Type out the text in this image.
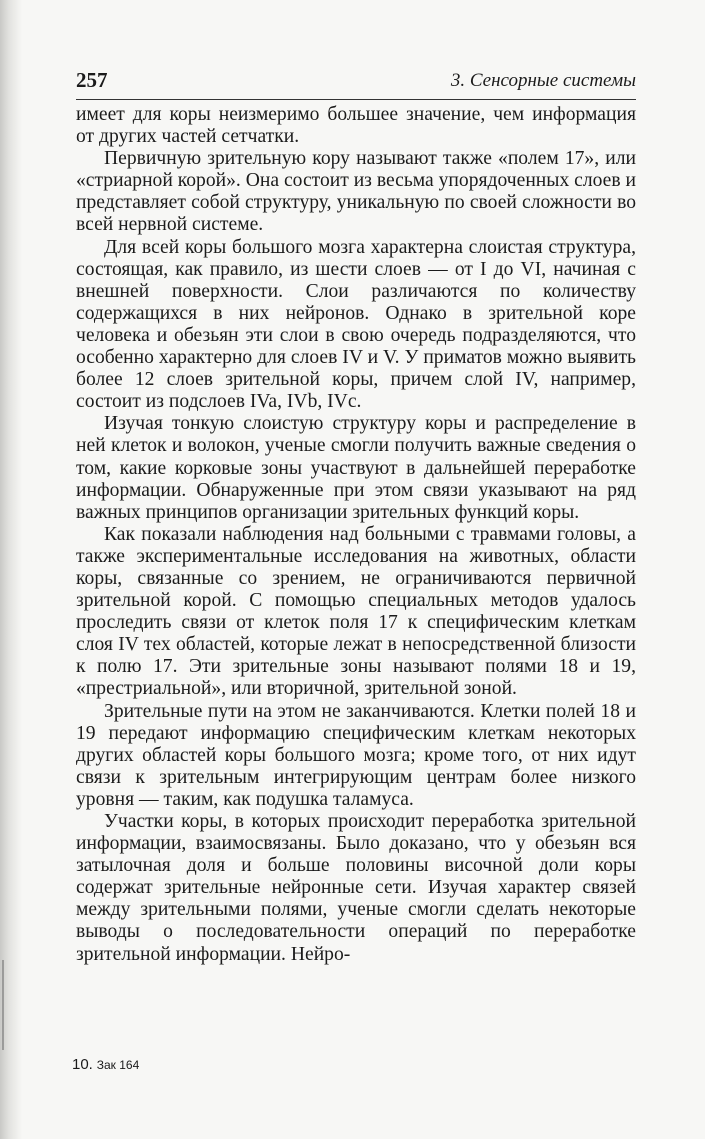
257	3. Сенсорные системы

имеет для коры неизмеримо большее значение, чем информация от других частей сетчатки.

Первичную зрительную кору называют также «полем 17», или «стриарной корой». Она состоит из весьма упорядоченных слоев и представляет собой структуру, уникальную по своей сложности во всей нервной системе.

Для всей коры большого мозга характерна слоистая структура, состоящая, как правило, из шести слоев — от I до VI, начиная с внешней поверхности. Слои различаются по количеству содержащихся в них нейронов. Однако в зрительной коре человека и обезьян эти слои в свою очередь подразделяются, что особенно характерно для слоев IV и V. У приматов можно выявить более 12 слоев зрительной коры, причем слой IV, например, состоит из подслоев IVa, IVb, IVc.

Изучая тонкую слоистую структуру коры и распределение в ней клеток и волокон, ученые смогли получить важные сведения о том, какие корковые зоны участвуют в дальнейшей переработке информации. Обнаруженные при этом связи указывают на ряд важных принципов организации зрительных функций коры.

Как показали наблюдения над больными с травмами головы, а также экспериментальные исследования на животных, области коры, связанные со зрением, не ограничиваются первичной зрительной корой. С помощью специальных методов удалось проследить связи от клеток поля 17 к специфическим клеткам слоя IV тех областей, которые лежат в непосредственной близости к полю 17. Эти зрительные зоны называют полями 18 и 19, «престриальной», или вторичной, зрительной зоной.

Зрительные пути на этом не заканчиваются. Клетки полей 18 и 19 передают информацию специфическим клеткам некоторых других областей коры большого мозга; кроме того, от них идут связи к зрительным интегрирующим центрам более низкого уровня — таким, как подушка таламуса.

Участки коры, в которых происходит переработка зрительной информации, взаимосвязаны. Было доказано, что у обезьян вся затылочная доля и больше половины височной доли коры содержат зрительные нейронные сети. Изучая характер связей между зрительными полями, ученые смогли сделать некоторые выводы о последовательности операций по переработке зрительной информации. Нейро-

10. Зак 164
